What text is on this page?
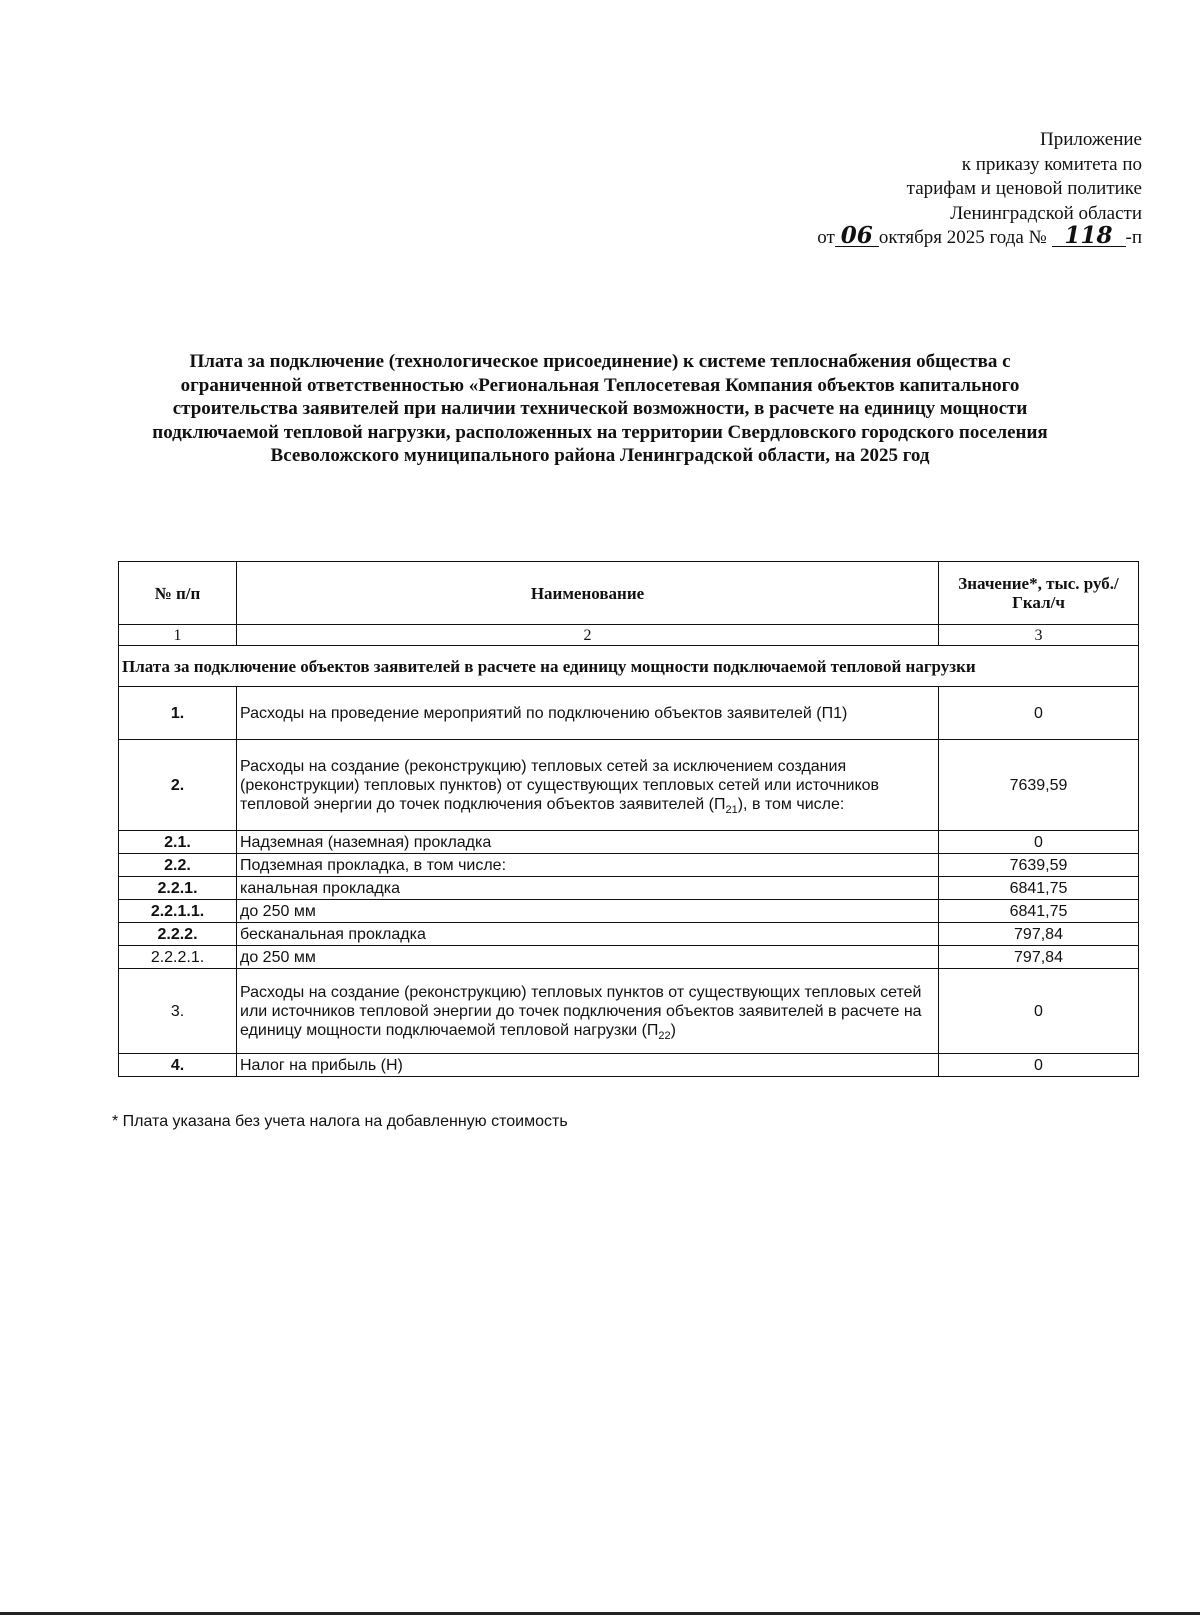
Приложение
к приказу комитета по
тарифам и ценовой политике
Ленинградской области
от 06 октября 2025 года № 118 -п
Плата за подключение (технологическое присоединение) к системе теплоснабжения общества с ограниченной ответственностью «Региональная Теплосетевая Компания объектов капитального строительства заявителей при наличии технической возможности, в расчете на единицу мощности подключаемой тепловой нагрузки, расположенных на территории Свердловского городского поселения Всеволожского муниципального района Ленинградской области, на 2025 год
№ п/п	Наименование	Значение*, тыс. руб./Гкал/ч
1	2	3
Плата за подключение объектов заявителей в расчете на единицу мощности подключаемой тепловой нагрузки		
1.	Расходы на проведение мероприятий по подключению объектов заявителей (П1)	0
2.	Расходы на создание (реконструкцию) тепловых сетей за исключением создания (реконструкции) тепловых пунктов) от существующих тепловых сетей или источников тепловой энергии до точек подключения объектов заявителей $(П_{21})$, в том числе:	7639,59
2.1.	Надземная (наземная) прокладка	0
2.2.	Подземная прокладка, в том числе:	7639,59
2.2.1.	канальная прокладка	6841,75
2.2.1.1.	до 250 мм	6841,75
2.2.2.	бесканальная прокладка	797,84
2.2.2.1.	до 250 мм	797,84
3.	Расходы на создание (реконструкцию) тепловых пунктов от существующих тепловых сетей или источников тепловой энергии до точек подключения объектов заявителей в расчете на единицу мощности подключаемой тепловой нагрузки $(П_{22})$	0
4.	Налог на прибыль (Н)	0
* Плата указана без учета налога на добавленную стоимость
